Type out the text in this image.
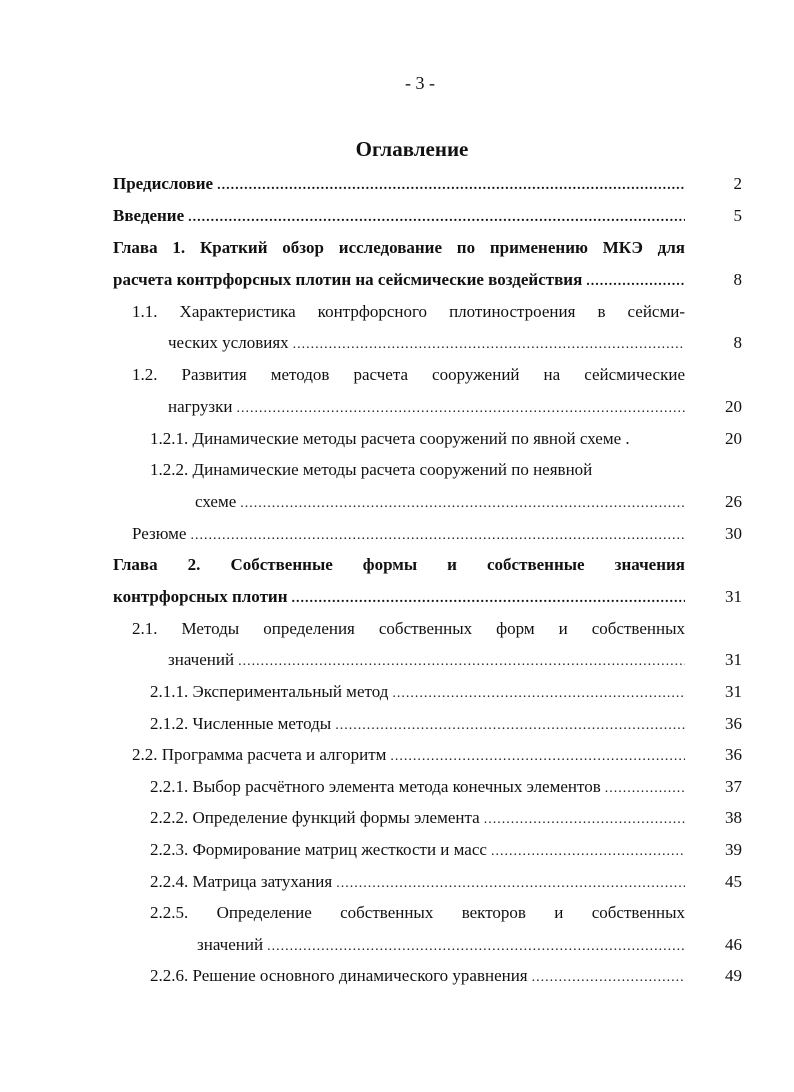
- 3 -
Оглавление
Предисловие .....	2
Введение .....	5
Глава 1. Краткий обзор исследование по применению МКЭ для
расчета контрфорсных плотин на сейсмические воздействия .....	8
1.1. Характеристика контрфорсного плотиностроения в сейсми-
ческих условиях .....	8
1.2. Развития методов расчета сооружений на сейсмические
нагрузки .....	20
1.2.1. Динамические методы расчета сооружений по явной схеме .	20
1.2.2. Динамические методы расчета сооружений по неявной
схеме .....	26
Резюме .....	30
Глава 2. Собственные формы и собственные значения
контрфорсных плотин .....	31
2.1. Методы определения собственных форм и собственных
значений .....	31
2.1.1. Экспериментальный метод .....	31
2.1.2. Численные методы .....	36
2.2. Программа расчета и алгоритм .....	36
2.2.1. Выбор расчётного элемента метода конечных элементов .....	37
2.2.2. Определение функций формы элемента .....	38
2.2.3. Формирование матриц жесткости и масс .....	39
2.2.4. Матрица затухания .....	45
2.2.5. Определение собственных векторов и собственных
значений .....	46
2.2.6. Решение основного динамического уравнения .....	49
